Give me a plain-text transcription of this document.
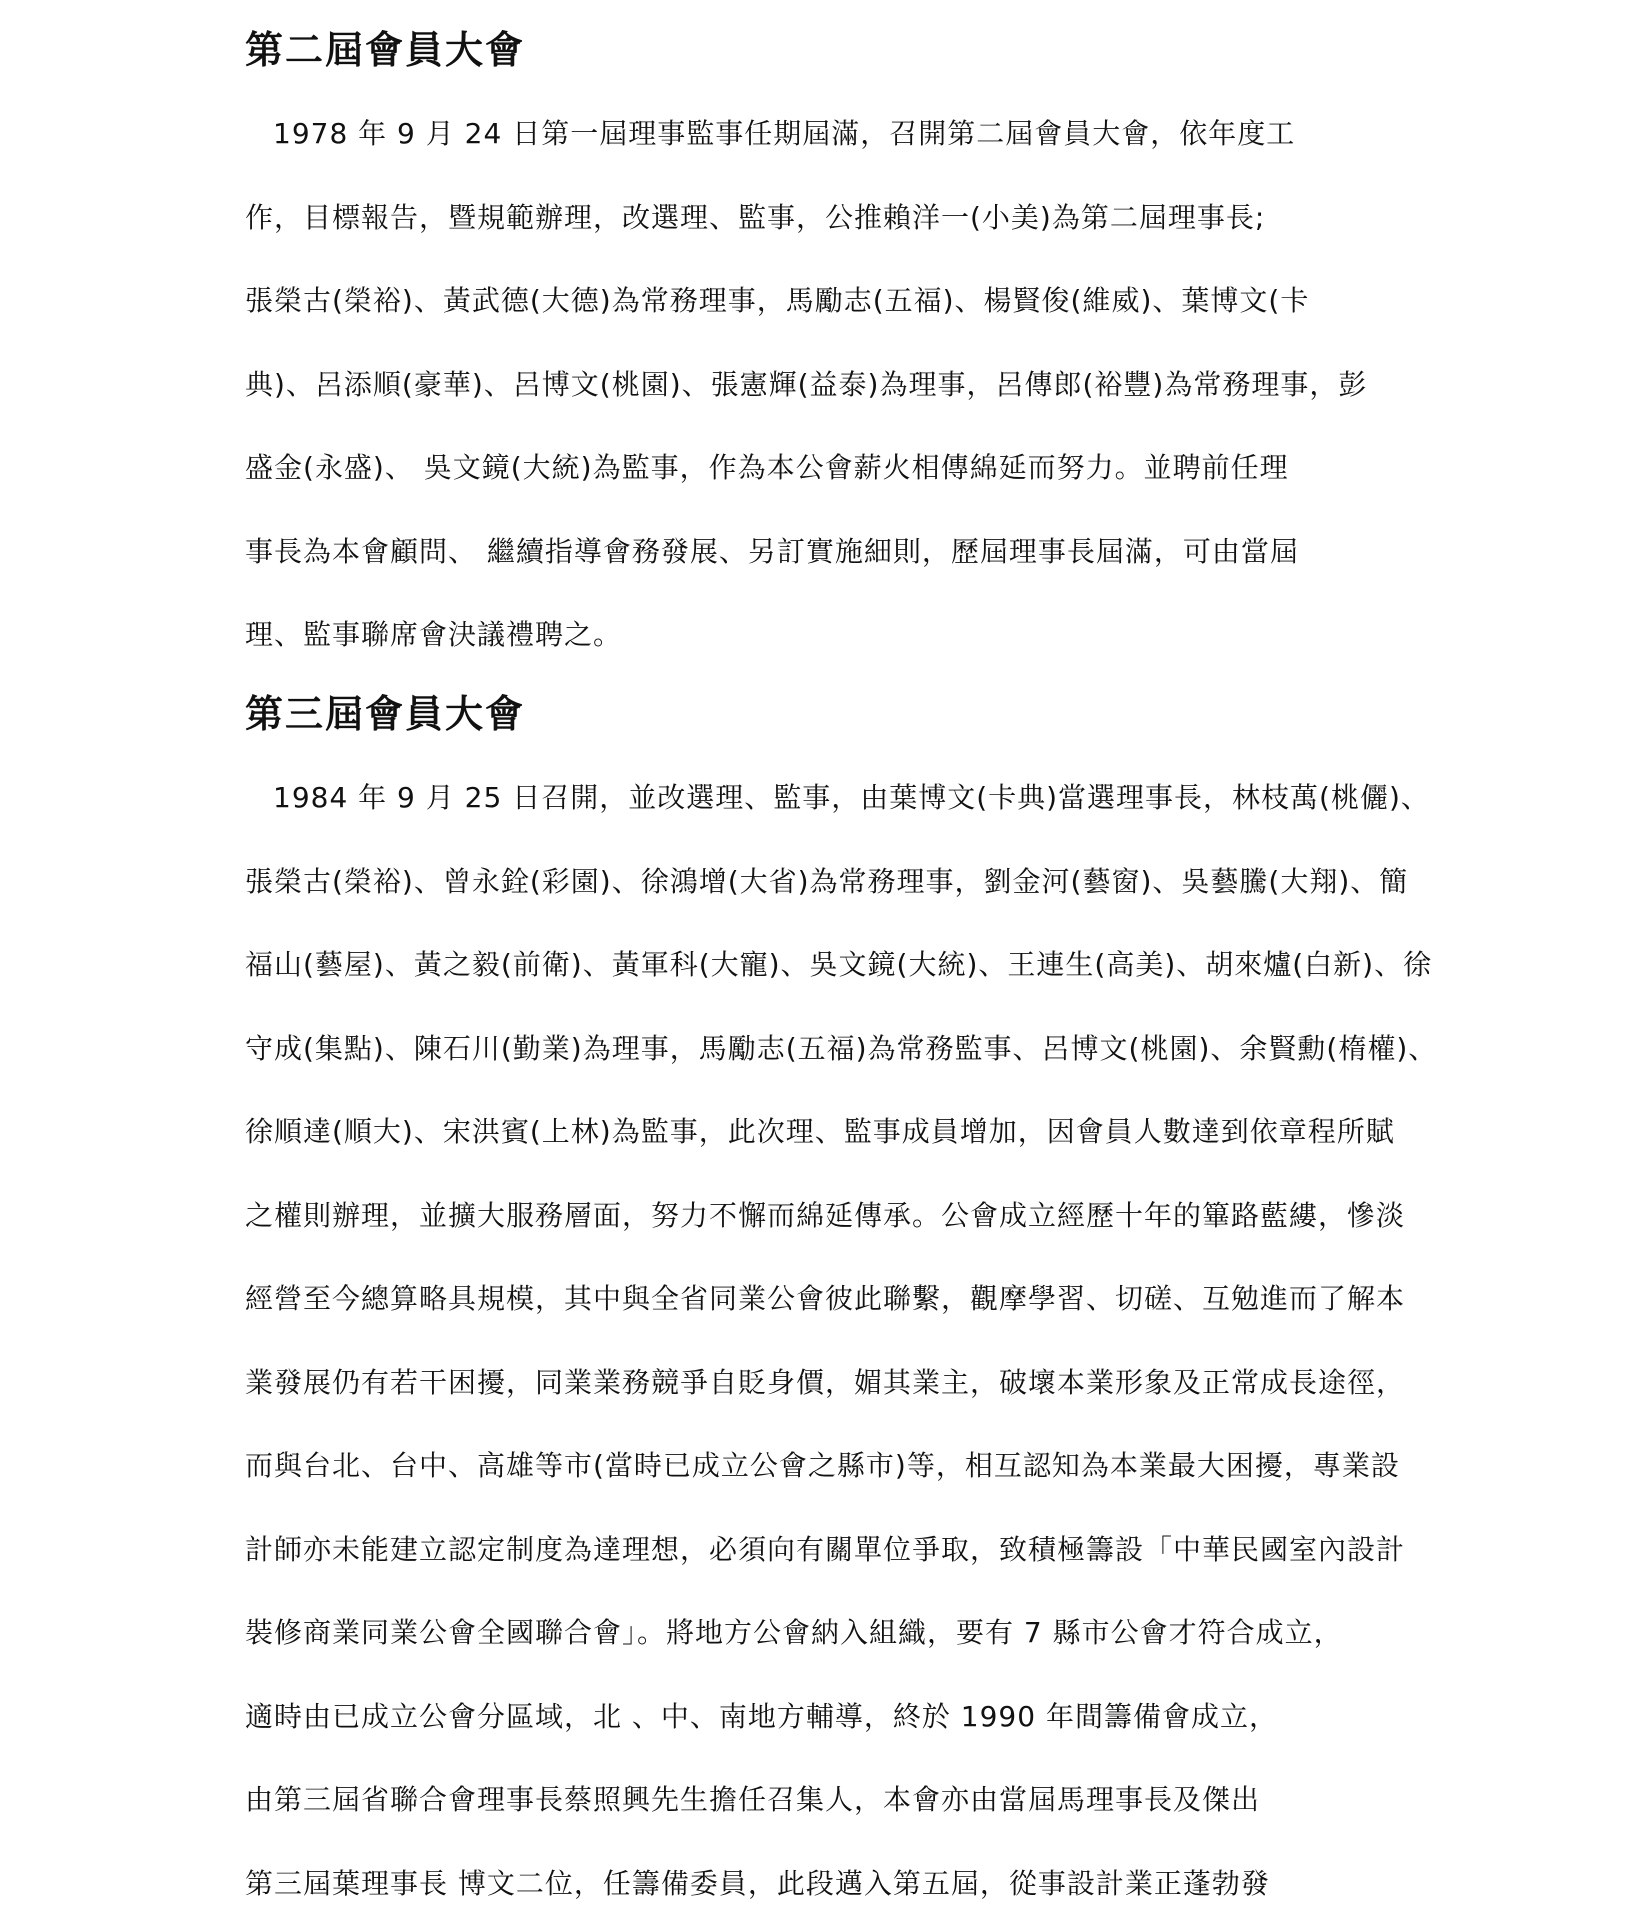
第二屆會員大會
1978 年 9 月 24 日第一屆理事監事任期屆滿，召開第二屆會員大會，依年度工
作，目標報告，暨規範辦理，改選理、監事，公推賴洋一(小美)為第二屆理事長;
張榮古(榮裕)、黃武德(大德)為常務理事，馬勵志(五福)、楊賢俊(維威)、葉博文(卡
典)、呂添順(豪華)、呂博文(桃園)、張憲輝(益泰)為理事，呂傳郎(裕豐)為常務理事，彭
盛金(永盛)、 吳文鏡(大統)為監事，作為本公會薪火相傳綿延而努力。並聘前任理
事長為本會顧問、 繼續指導會務發展、另訂實施細則，歷屆理事長屆滿，可由當屆
理、監事聯席會決議禮聘之。
第三屆會員大會
1984 年 9 月 25 日召開，並改選理、監事，由葉博文(卡典)當選理事長，林枝萬(桃儷)、
張榮古(榮裕)、曾永銓(彩園)、徐鴻增(大省)為常務理事，劉金河(藝窗)、吳藝騰(大翔)、簡
福山(藝屋)、黃之毅(前衛)、黃軍科(大寵)、吳文鏡(大統)、王連生(高美)、胡來爐(白新)、徐
守成(集點)、陳石川(勤業)為理事，馬勵志(五福)為常務監事、呂博文(桃園)、余賢勳(楕權)、
徐順達(順大)、宋洪賓(上林)為監事，此次理、監事成員增加，因會員人數達到依章程所賦
之權則辦理，並擴大服務層面，努力不懈而綿延傳承。公會成立經歷十年的篳路藍縷，慘淡
經營至今總算略具規模，其中與全省同業公會彼此聯繫，觀摩學習、切磋、互勉進而了解本
業發展仍有若干困擾，同業業務競爭自貶身價，媚其業主，破壞本業形象及正常成長途徑，
而與台北、台中、高雄等市(當時已成立公會之縣市)等，相互認知為本業最大困擾，專業設
計師亦未能建立認定制度為達理想，必須向有關單位爭取，致積極籌設「中華民國室內設計
裝修商業同業公會全國聯合會」。將地方公會納入組織，要有 7 縣市公會才符合成立，
適時由已成立公會分區域，北 、中、南地方輔導，終於 1990 年間籌備會成立，
由第三屆省聯合會理事長蔡照興先生擔任召集人，本會亦由當屆馬理事長及傑出
第三屆葉理事長 博文二位，任籌備委員，此段邁入第五屆，從事設計業正蓬勃發
